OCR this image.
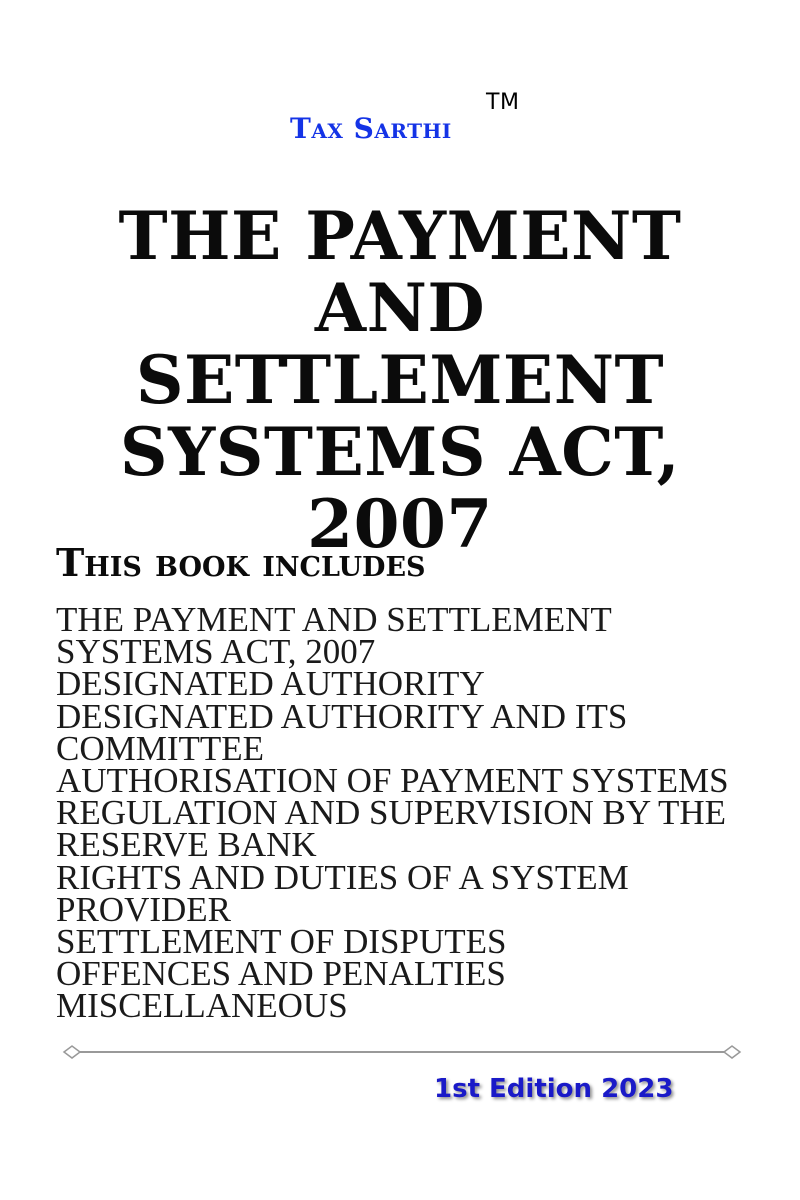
Tax Sarthi
TM
THE PAYMENT
AND SETTLEMENT
SYSTEMS ACT,
2007
This book includes
THE PAYMENT AND SETTLEMENT
SYSTEMS ACT, 2007
DESIGNATED AUTHORITY
DESIGNATED AUTHORITY AND ITS
COMMITTEE
AUTHORISATION OF PAYMENT SYSTEMS
REGULATION AND SUPERVISION BY THE
RESERVE BANK
RIGHTS AND DUTIES OF A SYSTEM
PROVIDER
SETTLEMENT OF DISPUTES
OFFENCES AND PENALTIES
MISCELLANEOUS
1st Edition 2023
